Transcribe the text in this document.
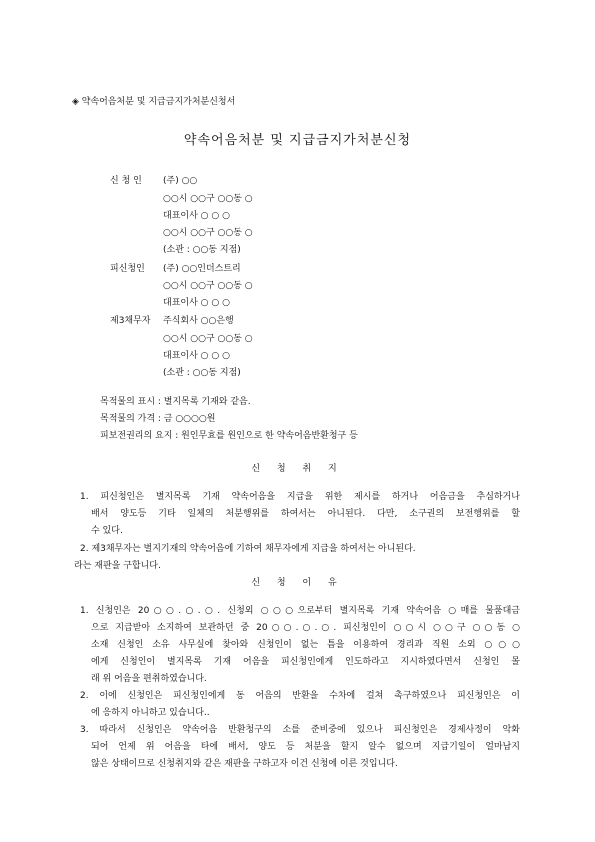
◈ 약속어음처분 및 지급금지가처분신청서
약속어음처분 및 지급금지가처분신청
신 청 인 (주) ○○
○○시 ○○구 ○○동 ○
대표이사 ○ ○ ○
○○시 ○○구 ○○동 ○
(소관 : ○○동 지점)
피신청인 (주) ○○인더스트리
○○시 ○○구 ○○동 ○
대표이사 ○ ○ ○
제3채무자 주식회사 ○○은행
○○시 ○○구 ○○동 ○
대표이사 ○ ○ ○
(소관 : ○○동 지점)
목적물의 표시 : 별지목록 기재와 같음.
목적물의 가격 : 금 ○○○○원
피보전권리의 요지 : 원인무효를 원인으로 한 약속어음반환청구 등
신 청 취 지
1. 피신청인은 별지목록 기재 약속어음을 지급을 위한 제시를 하거나 어음금을 추심하거나
배서 양도등 기타 일체의 처분행위를 하여서는 아니된다. 다만, 소구권의 보전행위를 할
수 있다.
2. 제3채무자는 별지기재의 약속어음에 기하여 채무자에게 지급을 하여서는 아니된다.
라는 재판을 구합니다.
신 청 이 유
1. 신청인은 20○○.○.○. 신청외 ○○○으로부터 별지목록 기재 약속어음 ○매를 물품대금
으로 지급받아 소지하여 보관하던 중 20○○.○.○. 피신청인이 ○○시 ○○구 ○○동 ○
소재 신청인 소유 사무실에 찾아와 신청인이 없는 틈을 이용하여 경리과 직원 소외 ○○○
에게 신청인이 별지목록 기재 어음을 피신청인에게 인도하라고 지시하였다면서 신청인 몰
래 위 어음을 편취하였습니다.
2. 이에 신청인은 피신청인에게 동 어음의 반환을 수차에 걸쳐 촉구하였으나 피신청인은 이
에 응하지 아니하고 있습니다..
3. 따라서 신청인은 약속어음 반환청구의 소를 준비중에 있으나 피신청인은 경제사정이 악화
되어 언제 위 어음을 타에 배서, 양도 등 처분을 할지 알수 없으며 지급기일이 얼마남지
않은 상태이므로 신청취지와 같은 재판을 구하고자 이건 신청에 이른 것입니다.
